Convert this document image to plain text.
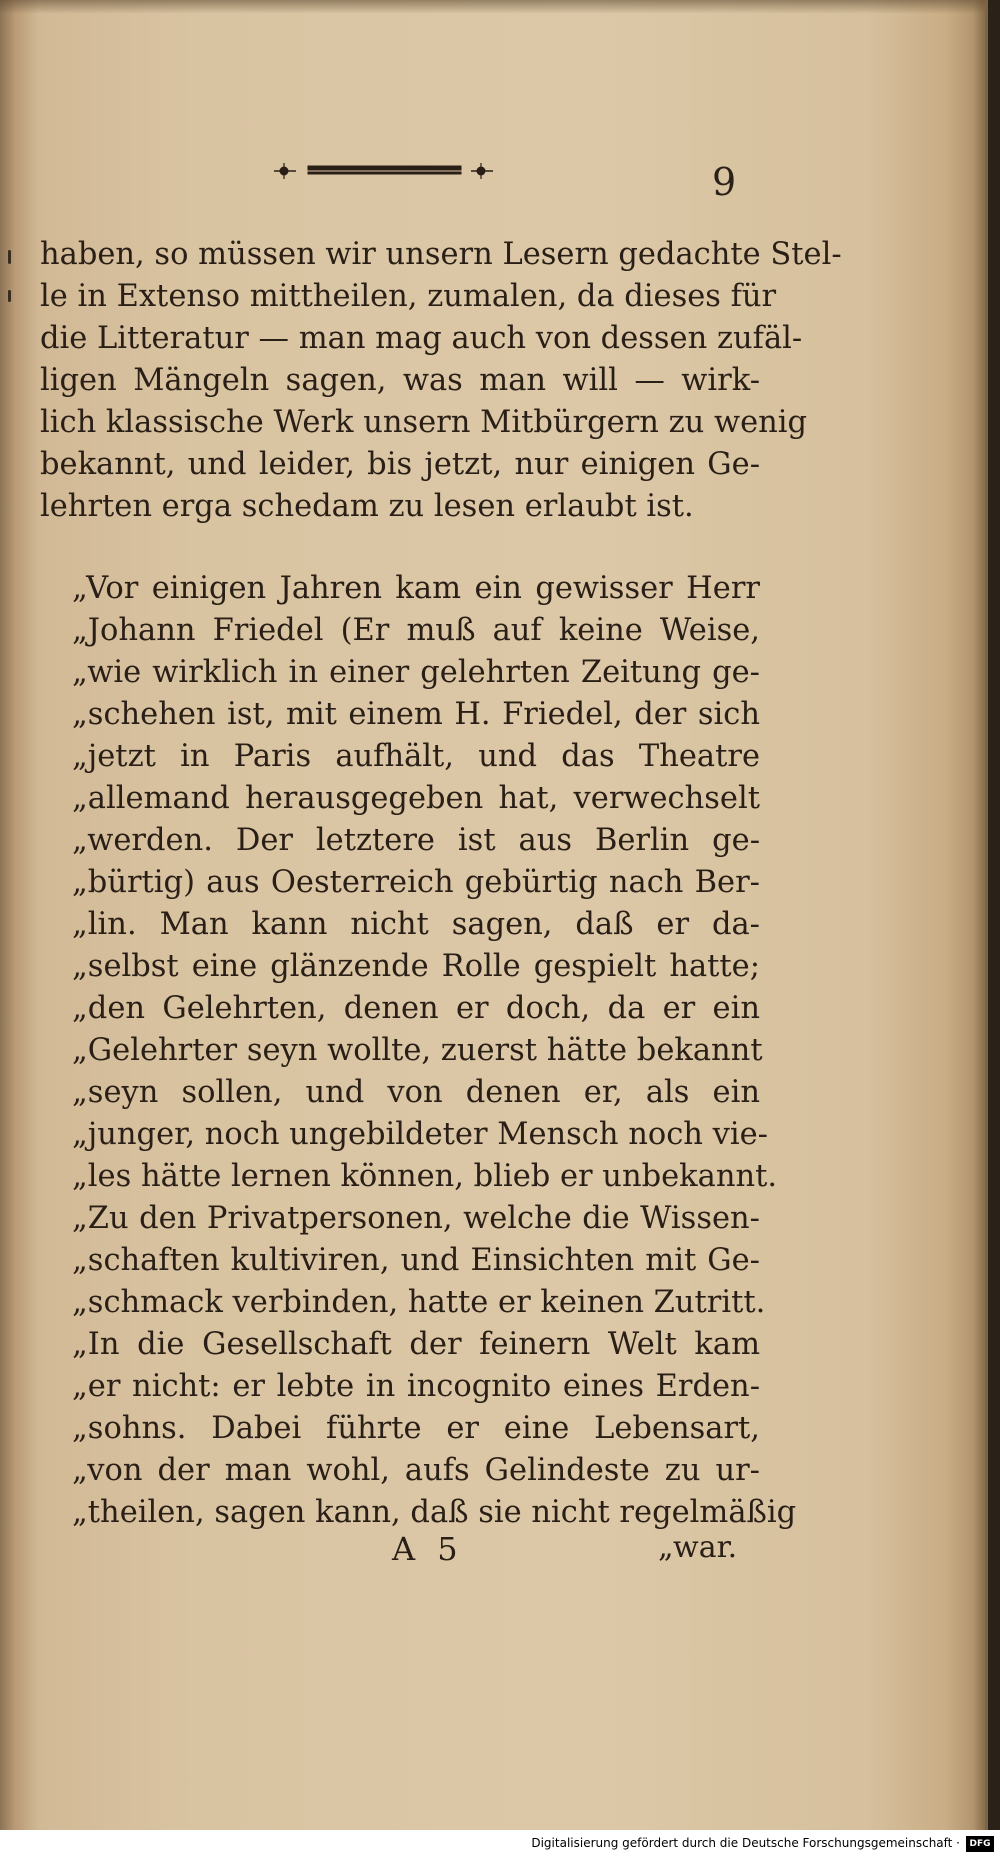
9
haben, so müssen wir unsern Lesern gedachte Stel-
le in Extenso mittheilen, zumalen, da dieses für
die Litteratur — man mag auch von dessen zufäl-
ligen Mängeln sagen, was man will — wirk-
lich klassische Werk unsern Mitbürgern zu wenig
bekannt, und leider, bis jetzt, nur einigen Ge-
lehrten erga schedam zu lesen erlaubt ist.
„Vor einigen Jahren kam ein gewisser Herr
„Johann Friedel (Er muß auf keine Weise,
„wie wirklich in einer gelehrten Zeitung ge-
„schehen ist, mit einem H. Friedel, der sich
„jetzt in Paris aufhält, und das Theatre
„allemand herausgegeben hat, verwechselt
„werden. Der letztere ist aus Berlin ge-
„bürtig) aus Oesterreich gebürtig nach Ber-
„lin. Man kann nicht sagen, daß er da-
„selbst eine glänzende Rolle gespielt hatte;
„den Gelehrten, denen er doch, da er ein
„Gelehrter seyn wollte, zuerst hätte bekannt
„seyn sollen, und von denen er, als ein
„junger, noch ungebildeter Mensch noch vie-
„les hätte lernen können, blieb er unbekannt.
„Zu den Privatpersonen, welche die Wissen-
„schaften kultiviren, und Einsichten mit Ge-
„schmack verbinden, hatte er keinen Zutritt.
„In die Gesellschaft der feinern Welt kam
„er nicht: er lebte in incognito eines Erden-
„sohns. Dabei führte er eine Lebensart,
„von der man wohl, aufs Gelindeste zu ur-
„theilen, sagen kann, daß sie nicht regelmäßig
A 5	„war.
Digitalisierung gefördert durch die Deutsche Forschungsgemeinschaft ·	DFG
